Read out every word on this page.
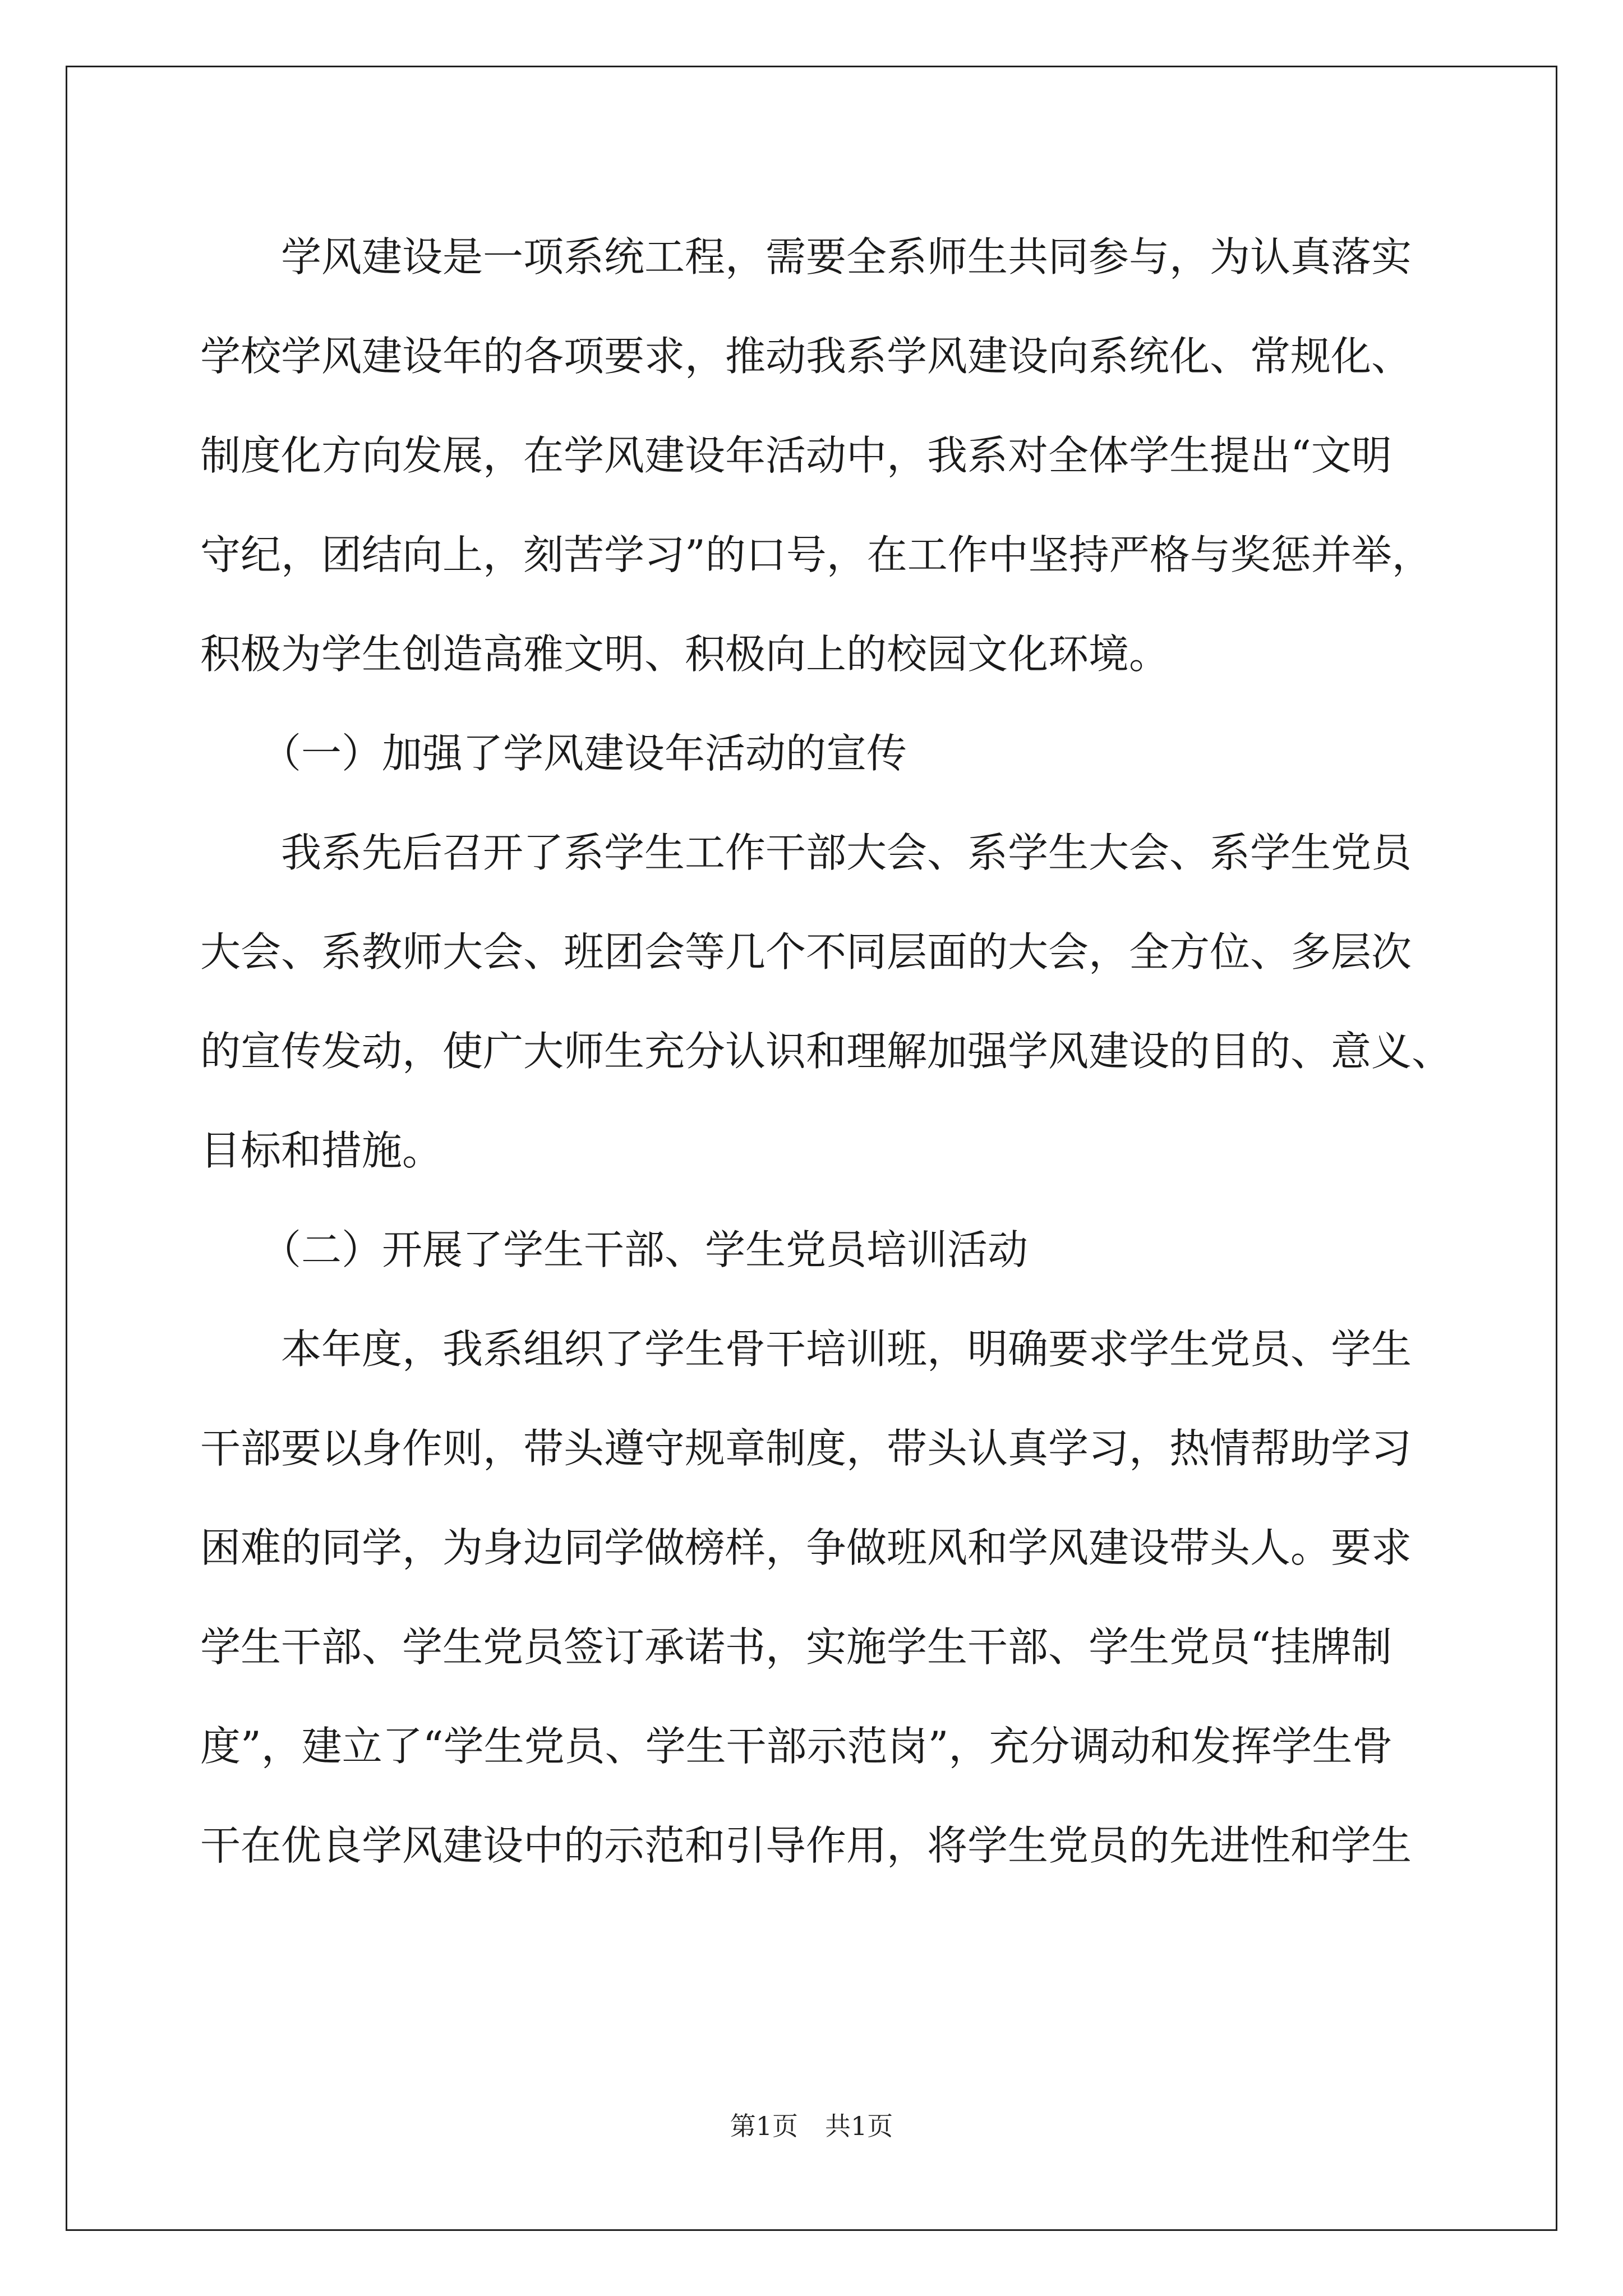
　　学风建设是一项系统工程，需要全系师生共同参与，为认真落实
学校学风建设年的各项要求，推动我系学风建设向系统化、常规化、
制度化方向发展，在学风建设年活动中，我系对全体学生提出“文明
守纪，团结向上，刻苦学习”的口号，在工作中坚持严格与奖惩并举，
积极为学生创造高雅文明、积极向上的校园文化环境。
　　（一）加强了学风建设年活动的宣传
　　我系先后召开了系学生工作干部大会、系学生大会、系学生党员
大会、系教师大会、班团会等几个不同层面的大会，全方位、多层次
的宣传发动，使广大师生充分认识和理解加强学风建设的目的、意义、
目标和措施。
　　（二）开展了学生干部、学生党员培训活动
　　本年度，我系组织了学生骨干培训班，明确要求学生党员、学生
干部要以身作则，带头遵守规章制度，带头认真学习，热情帮助学习
困难的同学，为身边同学做榜样，争做班风和学风建设带头人。要求
学生干部、学生党员签订承诺书，实施学生干部、学生党员“挂牌制
度”，建立了“学生党员、学生干部示范岗”，充分调动和发挥学生骨
干在优良学风建设中的示范和引导作用，将学生党员的先进性和学生
第1页 共1页
